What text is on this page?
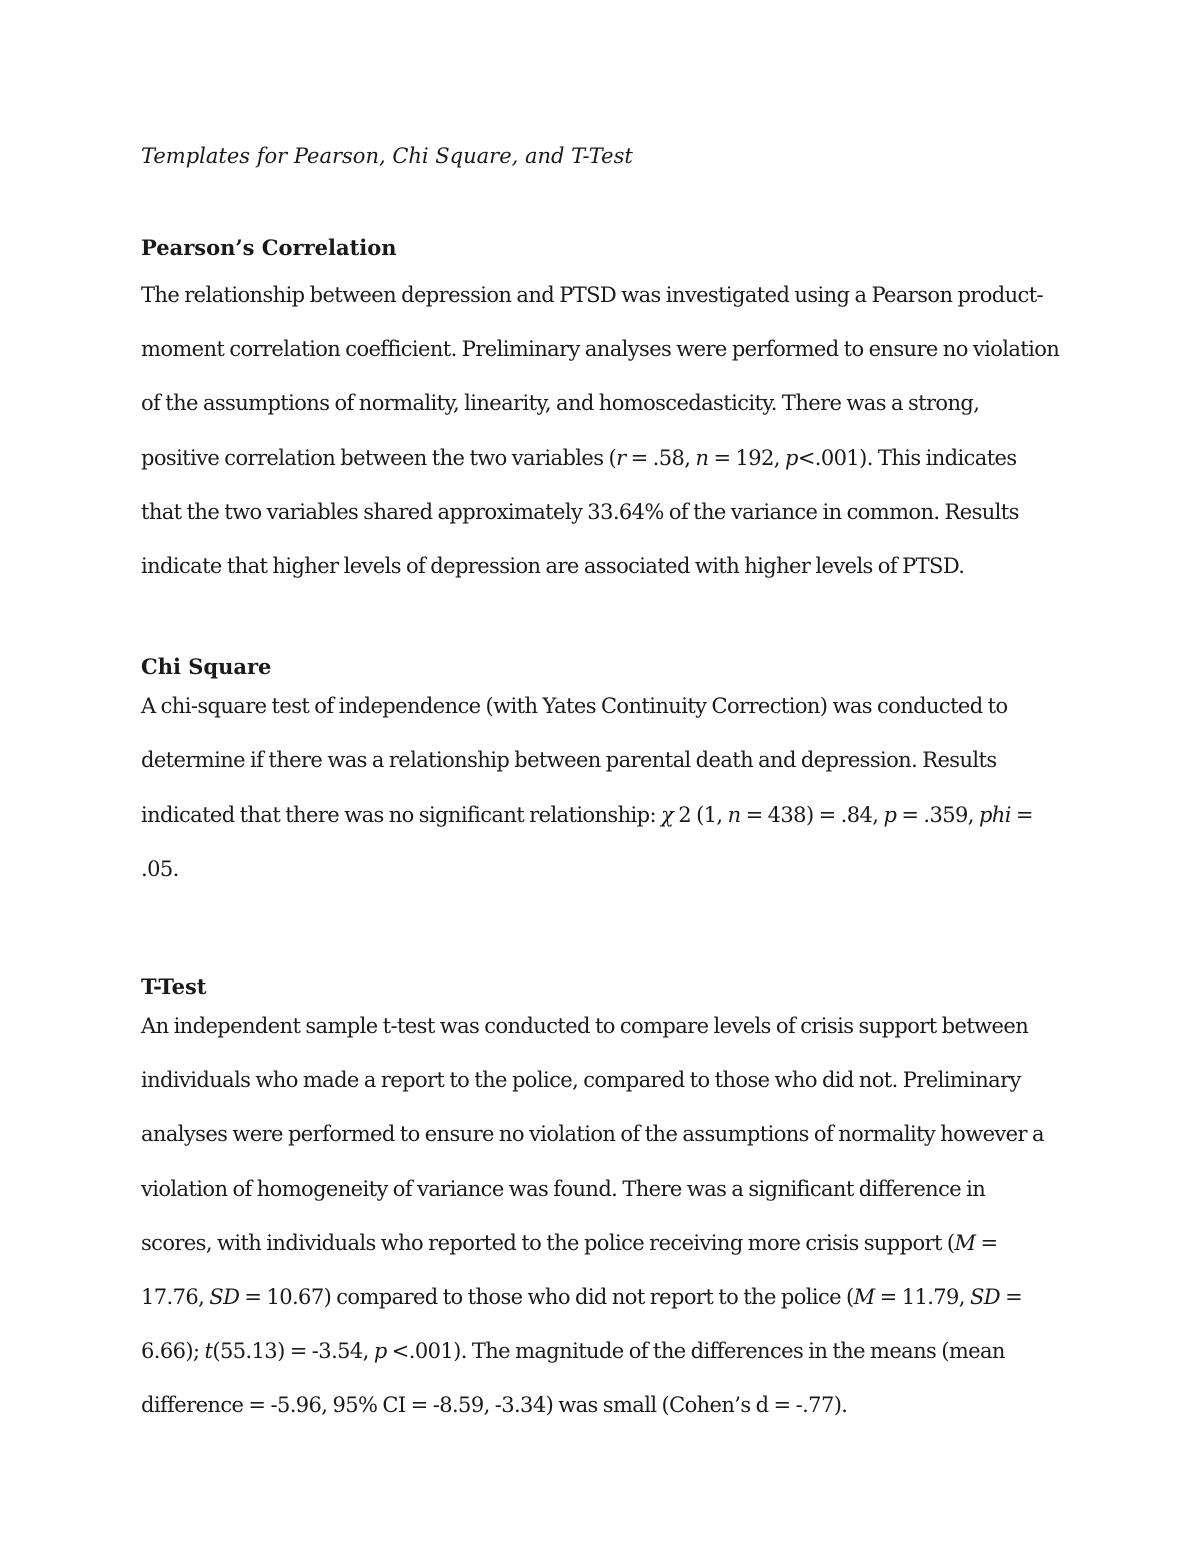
Templates for Pearson, Chi Square, and T-Test

Pearson’s Correlation

The relationship between depression and PTSD was investigated using a Pearson product-moment correlation coefficient. Preliminary analyses were performed to ensure no violation of the assumptions of normality, linearity, and homoscedasticity. There was a strong, positive correlation between the two variables (r = .58, n = 192, p<.001). This indicates that the two variables shared approximately 33.64% of the variance in common. Results indicate that higher levels of depression are associated with higher levels of PTSD.

Chi Square

A chi-square test of independence (with Yates Continuity Correction) was conducted to determine if there was a relationship between parental death and depression. Results indicated that there was no significant relationship: χ 2 (1, n = 438) = .84, p = .359, phi = .05.

T-Test

An independent sample t-test was conducted to compare levels of crisis support between individuals who made a report to the police, compared to those who did not. Preliminary analyses were performed to ensure no violation of the assumptions of normality however a violation of homogeneity of variance was found. There was a significant difference in scores, with individuals who reported to the police receiving more crisis support (M = 17.76, SD = 10.67) compared to those who did not report to the police (M = 11.79, SD = 6.66); t(55.13) = -3.54, p <.001). The magnitude of the differences in the means (mean difference = -5.96, 95% CI = -8.59, -3.34) was small (Cohen’s d = -.77).
